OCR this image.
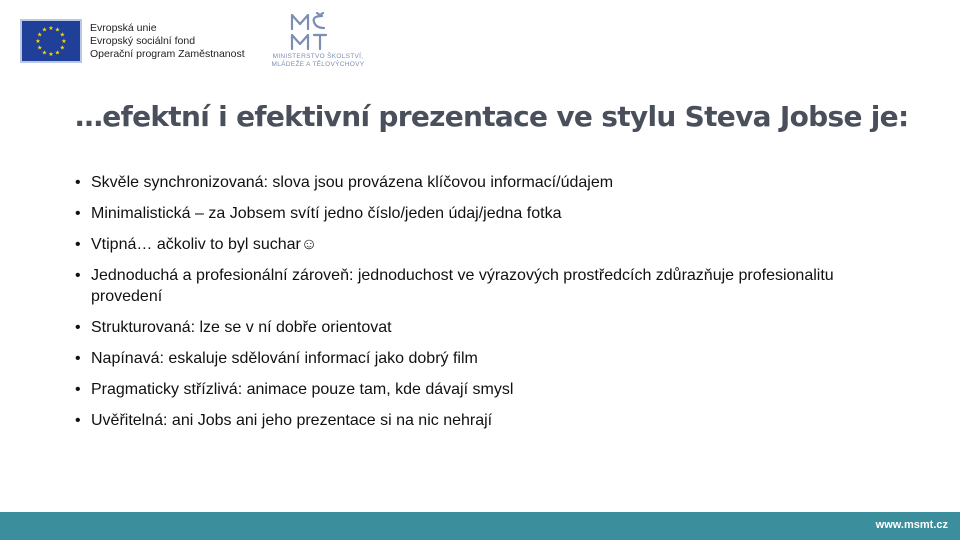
★ ★
★
★
★
★
★
★
★
★
★
★	Evropská unie
Evropský sociální fond
Operační program Zaměstnanost	MINISTERSTVO ŠKOLSTVÍ,
MLÁDEŽE A TĚLOVÝCHOVY
…efektní i efektivní prezentace ve stylu Steva Jobse je:
• Skvěle synchronizovaná: slova jsou provázena klíčovou informací/údajem
• Minimalistická – za Jobsem svítí jedno číslo/jeden údaj/jedna fotka
• Vtipná… ačkoliv to byl suchar☺
• Jednoduchá a profesionální zároveň: jednoduchost ve výrazových prostředcích zdůrazňuje profesionalitu provedení
• Strukturovaná: lze se v ní dobře orientovat
• Napínavá: eskaluje sdělování informací jako dobrý film
• Pragmaticky střízlivá: animace pouze tam, kde dávají smysl
• Uvěřitelná: ani Jobs ani jeho prezentace si na nic nehrají
www.msmt.cz
